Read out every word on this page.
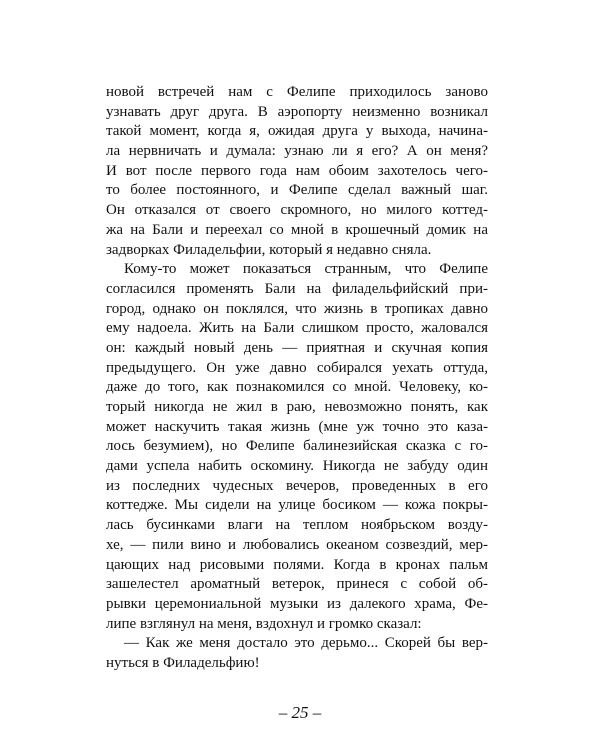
новой встречей нам с Фелипе приходилось заново
узнавать друг друга. В аэропорту неизменно возникал
такой момент, когда я, ожидая друга у выхода, начина-
ла нервничать и думала: узнаю ли я его? А он меня?
И вот после первого года нам обоим захотелось чего-
то более постоянного, и Фелипе сделал важный шаг.
Он отказался от своего скромного, но милого коттед-
жа на Бали и переехал со мной в крошечный домик на
задворках Филадельфии, который я недавно сняла.
Кому-то может показаться странным, что Фелипе
согласился променять Бали на филадельфийский при-
город, однако он поклялся, что жизнь в тропиках давно
ему надоела. Жить на Бали слишком просто, жаловался
он: каждый новый день — приятная и скучная копия
предыдущего. Он уже давно собирался уехать оттуда,
даже до того, как познакомился со мной. Человеку, ко-
торый никогда не жил в раю, невозможно понять, как
может наскучить такая жизнь (мне уж точно это каза-
лось безумием), но Фелипе балинезийская сказка с го-
дами успела набить оскомину. Никогда не забуду один
из последних чудесных вечеров, проведенных в его
коттедже. Мы сидели на улице босиком — кожа покры-
лась бусинками влаги на теплом ноябрьском возду-
хе, — пили вино и любовались океаном созвездий, мер-
цающих над рисовыми полями. Когда в кронах пальм
зашелестел ароматный ветерок, принеся с собой об-
рывки церемониальной музыки из далекого храма, Фе-
липе взглянул на меня, вздохнул и громко сказал:
— Как же меня достало это дерьмо... Скорей бы вер-
нуться в Филадельфию!
– 25 –
